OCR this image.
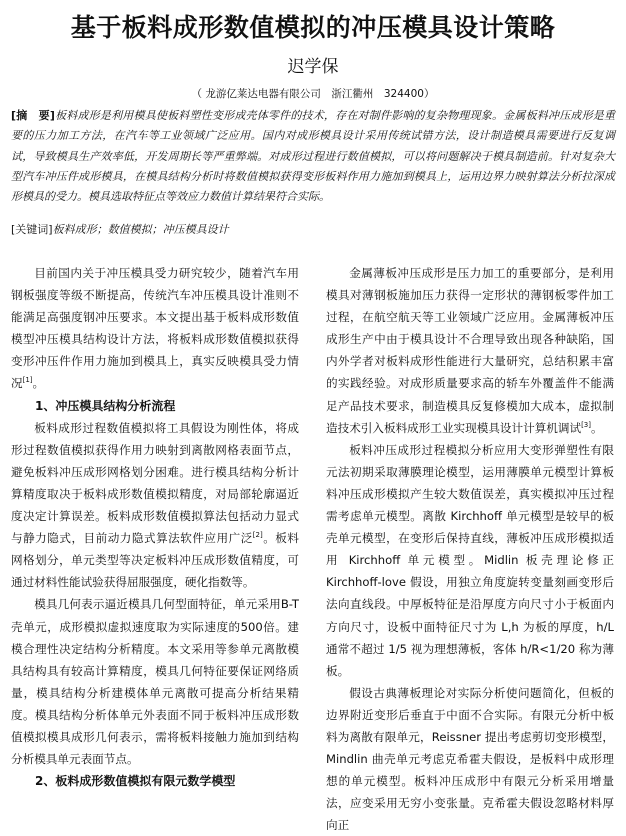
基于板料成形数值模拟的冲压模具设计策略
迟学保
（ 龙游亿莱达电器有限公司　浙江衢州　324400）
[摘　要]板料成形是利用模具使板料塑性变形成壳体零件的技术，存在对制件影响的复杂物理现象。金属板料冲压成形是重要的压力加工方法，在汽车等工业领域广泛应用。国内对成形模具设计采用传统试错方法，设计制造模具需要进行反复调试，导致模具生产效率低，开发周期长等严重弊端。对成形过程进行数值模拟，可以将问题解决于模具制造前。针对复杂大型汽车冲压件成形模具，在模具结构分析时将数值模拟获得变形板料作用力施加到模具上，运用边界力映射算法分析拉深成形模具的受力。模具选取特征点等效应力数值计算结果符合实际。
[关键词]板料成形；数值模拟；冲压模具设计

目前国内关于冲压模具受力研究较少，随着汽车用钢板强度等级不断提高，传统汽车冲压模具设计准则不能满足高强度钢冲压要求。本文提出基于板料成形数值模型冲压模具结构设计方法，将板料成形数值模拟获得变形冲压件作用力施加到模具上，真实反映模具受力情况[1]。

1、冲压模具结构分析流程

板料成形过程数值模拟将工具假设为刚性体，将成形过程数值模拟获得作用力映射到离散网格表面节点，避免板料冲压成形网格划分困难。进行模具结构分析计算精度取决于板料成形数值模拟精度，对局部轮廓逼近度决定计算误差。板料成形数值模拟算法包括动力显式与静力隐式，目前动力隐式算法软件应用广泛[2]。板料网格划分，单元类型等决定板料冲压成形数值精度，可通过材料性能试验获得屈服强度，硬化指数等。

模具几何表示逼近模具几何型面特征，单元采用B-T壳单元，成形模拟虚拟速度取为实际速度的500倍。建模合理性决定结构分析精度。本文采用等参单元离散模具结构具有较高计算精度，模具几何特征要保证网络质量，模具结构分析建模体单元离散可提高分析结果精度。模具结构分析体单元外表面不同于板料冲压成形数值模拟模具成形几何表示，需将板料接触力施加到结构分析模具单元表面节点。

2、板料成形数值模拟有限元数学模型

金属薄板冲压成形是压力加工的重要部分，是利用模具对薄钢板施加压力获得一定形状的薄钢板零件加工过程，在航空航天等工业领域广泛应用。金属薄板冲压成形生产中由于模具设计不合理导致出现各种缺陷，国内外学者对板料成形性能进行大量研究，总结积累丰富的实践经验。对成形质量要求高的轿车外覆盖件不能满足产品技术要求，制造模具反复修模加大成本，虚拟制造技术引入板料成形工业实现模具设计计算机调试[3]。

板料冲压成形过程模拟分析应用大变形弹塑性有限元法初期采取薄膜理论模型，运用薄膜单元模型计算板料冲压成形模拟产生较大数值误差，真实模拟冲压过程需考虑单元模型。离散 Kirchhoff 单元模型是较早的板壳单元模型，在变形后保持直线，薄板冲压成形模拟适用 Kirchhoff 单元模型。Midlin 板壳理论修正 Kirchhoff-love 假设，用独立角度旋转变量刻画变形后法向直线段。中厚板特征是沿厚度方向尺寸小于板面内方向尺寸，设板中面特征尺寸为 L,h 为板的厚度，h/L 通常不超过 1/5 视为理想薄板，客体 h/R<1/20 称为薄板。

假设古典薄板理论对实际分析使问题简化，但板的边界附近变形后垂直于中面不合实际。有限元分析中板料为离散有限单元，Reissner 提出考虑剪切变形模型，Mindlin 曲壳单元考虑克希霍夫假设，是板料中成形理想的单元模型。板料冲压成形中有限元分析采用增量法，应变采用无穷小变张量。克希霍夫假设忽略材料厚向正
